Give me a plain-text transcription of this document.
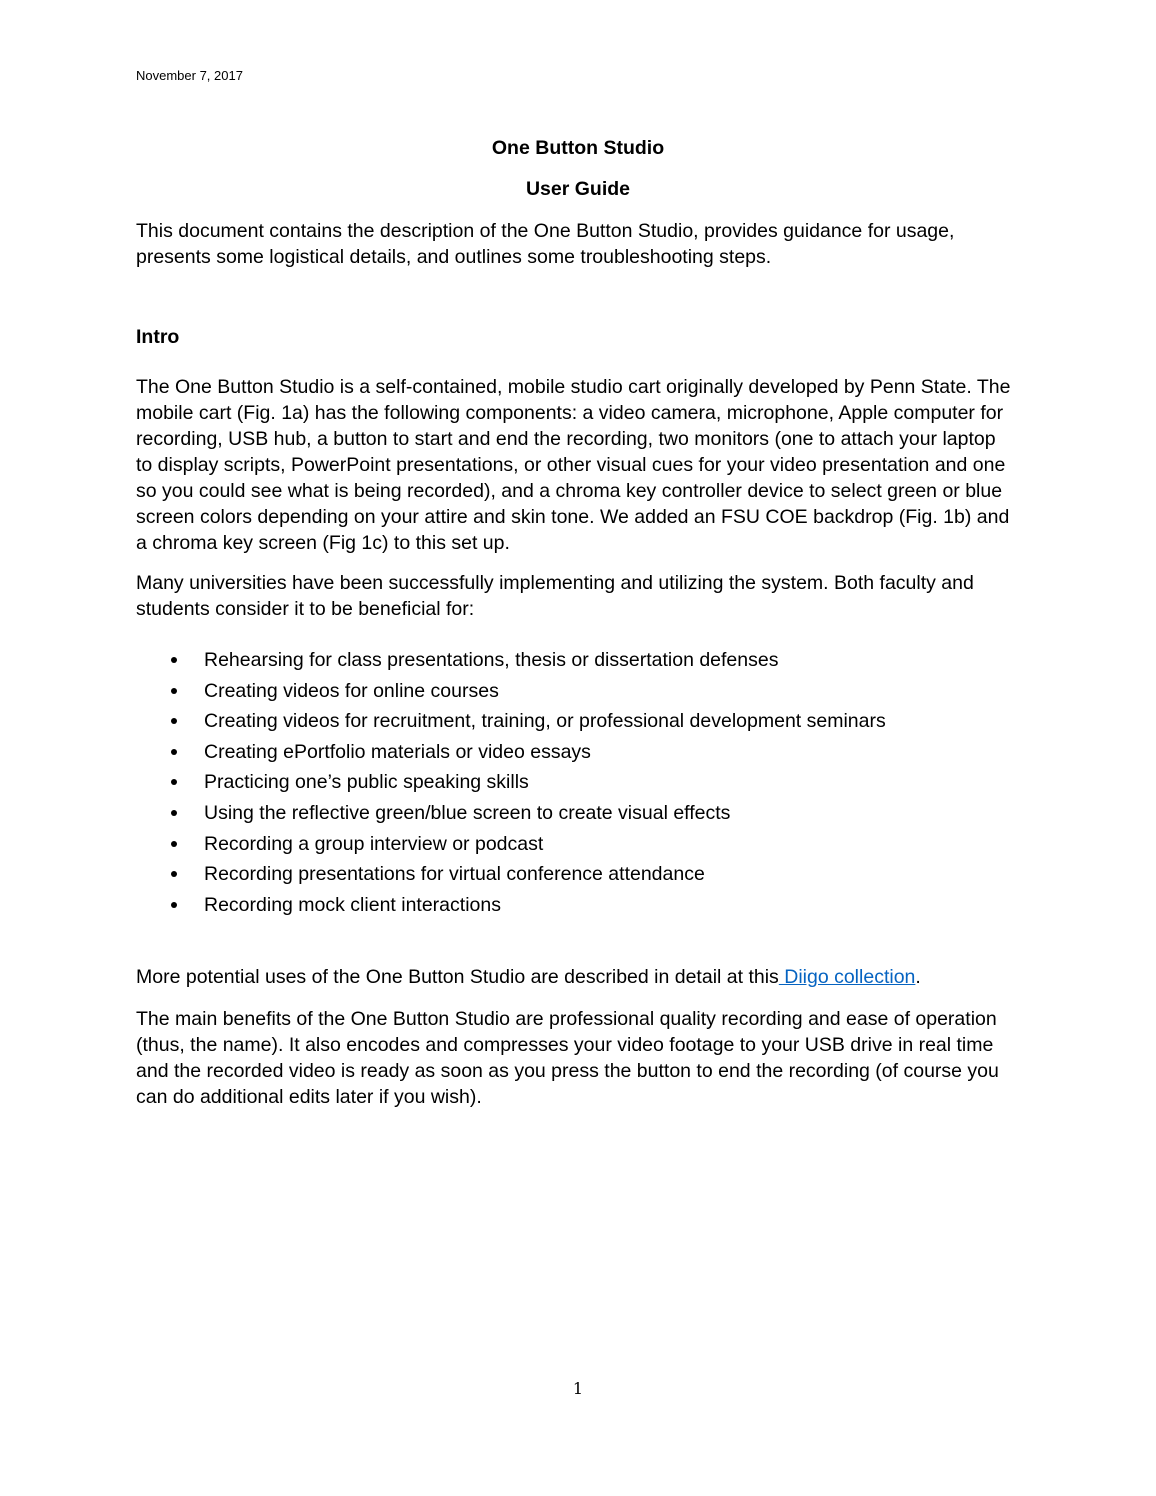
November 7, 2017
One Button Studio
User Guide

This document contains the description of the One Button Studio, provides guidance for usage, presents some logistical details, and outlines some troubleshooting steps.

Intro

The One Button Studio is a self-contained, mobile studio cart originally developed by Penn State. The mobile cart (Fig. 1a) has the following components: a video camera, microphone, Apple computer for recording, USB hub, a button to start and end the recording, two monitors (one to attach your laptop to display scripts, PowerPoint presentations, or other visual cues for your video presentation and one so you could see what is being recorded), and a chroma key controller device to select green or blue screen colors depending on your attire and skin tone. We added an FSU COE backdrop (Fig. 1b) and a chroma key screen (Fig 1c) to this set up.

Many universities have been successfully implementing and utilizing the system. Both faculty and students consider it to be beneficial for:

Rehearsing for class presentations, thesis or dissertation defenses
Creating videos for online courses
Creating videos for recruitment, training, or professional development seminars
Creating ePortfolio materials or video essays
Practicing one’s public speaking skills
Using the reflective green/blue screen to create visual effects
Recording a group interview or podcast
Recording presentations for virtual conference attendance
Recording mock client interactions

More potential uses of the One Button Studio are described in detail at this Diigo collection.

The main benefits of the One Button Studio are professional quality recording and ease of operation (thus, the name). It also encodes and compresses your video footage to your USB drive in real time and the recorded video is ready as soon as you press the button to end the recording (of course you can do additional edits later if you wish).

1
